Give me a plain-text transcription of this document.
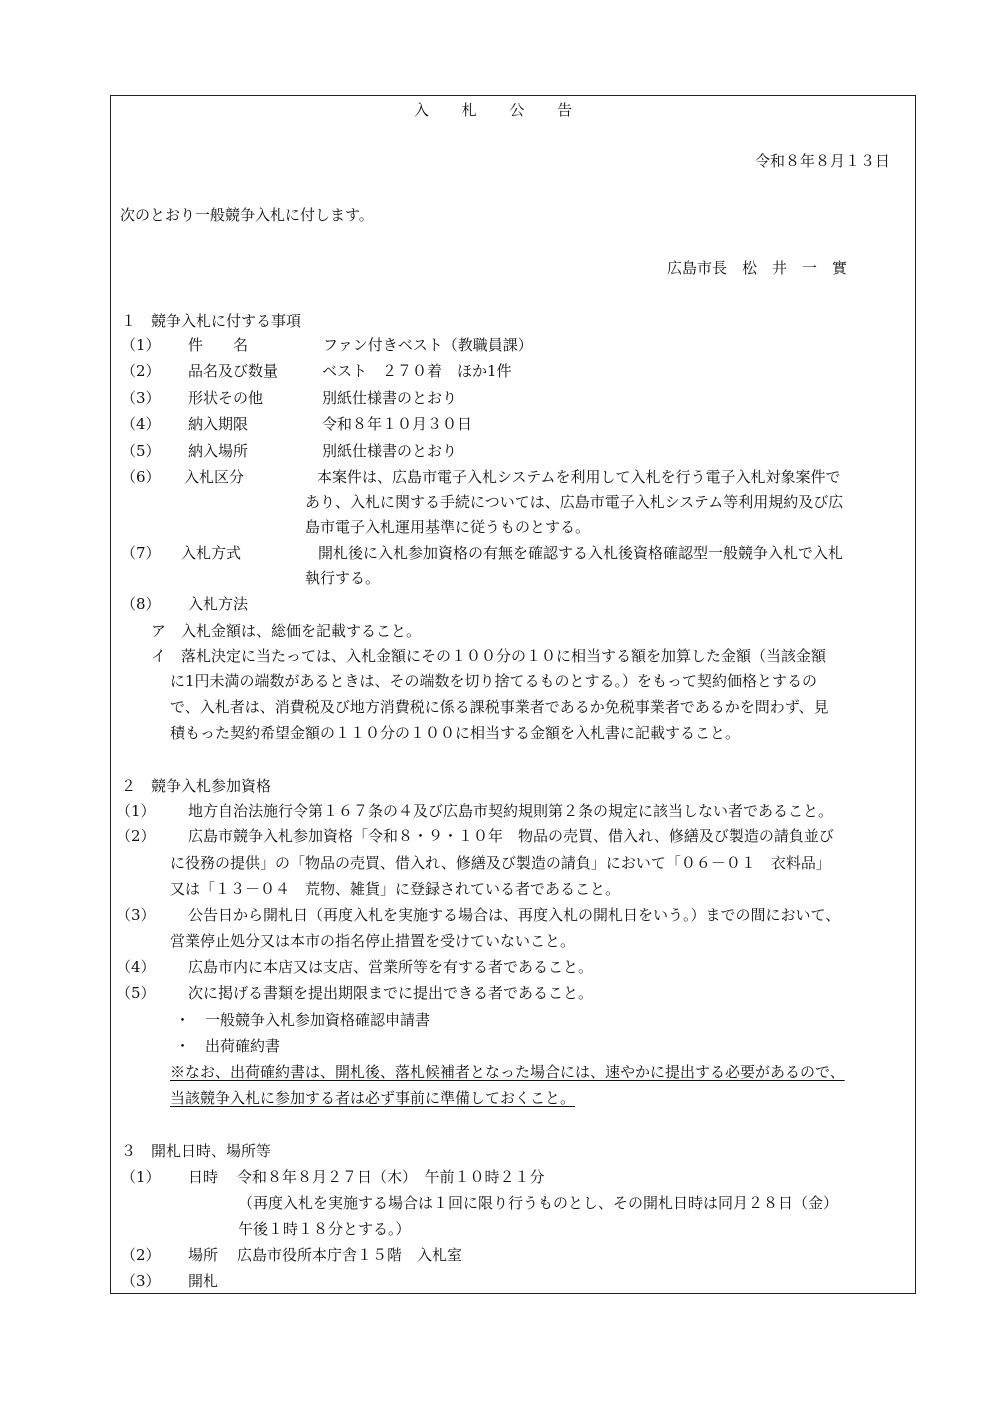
入 札 公 告
令和８年８月１３日
次のとおり一般競争入札に付します。
広島市長　松　井　一　實
１　競争入札に付する事項
（1） 件　　名	ファン付きベスト（教職員課）
（2） 品名及び数量	ベスト　２７０着　ほか1件
（3） 形状その他	別紙仕様書のとおり
（4） 納入期限	令和８年１０月３０日
（5） 納入場所	別紙仕様書のとおり
（6） 入札区分	本案件は、広島市電子入札システムを利用して入札を行う電子入札対象案件で
あり、入札に関する手続については、広島市電子入札システム等利用規約及び広
島市電子入札運用基準に従うものとする。
（7） 入札方式	開札後に入札参加資格の有無を確認する入札後資格確認型一般競争入札で入札
執行する。
（8） 入札方法
ア　入札金額は、総価を記載すること。
イ　落札決定に当たっては、入札金額にその１００分の１０に相当する額を加算した金額（当該金額
に1円未満の端数があるときは、その端数を切り捨てるものとする。）をもって契約価格とするの
で、入札者は、消費税及び地方消費税に係る課税事業者であるか免税事業者であるかを問わず、見
積もった契約希望金額の１１０分の１００に相当する金額を入札書に記載すること。
２　競争入札参加資格
（1） 地方自治法施行令第１６７条の４及び広島市契約規則第２条の規定に該当しない者であること。
（2） 広島市競争入札参加資格「令和８・９・１０年　物品の売買、借入れ、修繕及び製造の請負並び
に役務の提供」の「物品の売買、借入れ、修繕及び製造の請負」において「０６－０１　衣料品」
又は「１３－０４　荒物、雑貨」に登録されている者であること。
（3） 公告日から開札日（再度入札を実施する場合は、再度入札の開札日をいう。）までの間において、
営業停止処分又は本市の指名停止措置を受けていないこと。
（4） 広島市内に本店又は支店、営業所等を有する者であること。
（5） 次に掲げる書類を提出期限までに提出できる者であること。
・　一般競争入札参加資格確認申請書
・　出荷確約書
※なお、出荷確約書は、開札後、落札候補者となった場合には、速やかに提出する必要があるので、
当該競争入札に参加する者は必ず事前に準備しておくこと。
３　開札日時、場所等
（1） 日時 令和８年８月２７日（木）　午前１０時２１分
（再度入札を実施する場合は１回に限り行うものとし、その開札日時は同月２８日（金）
午後１時１８分とする。）
（2） 場所 広島市役所本庁舎１５階　入札室
（3） 開札
